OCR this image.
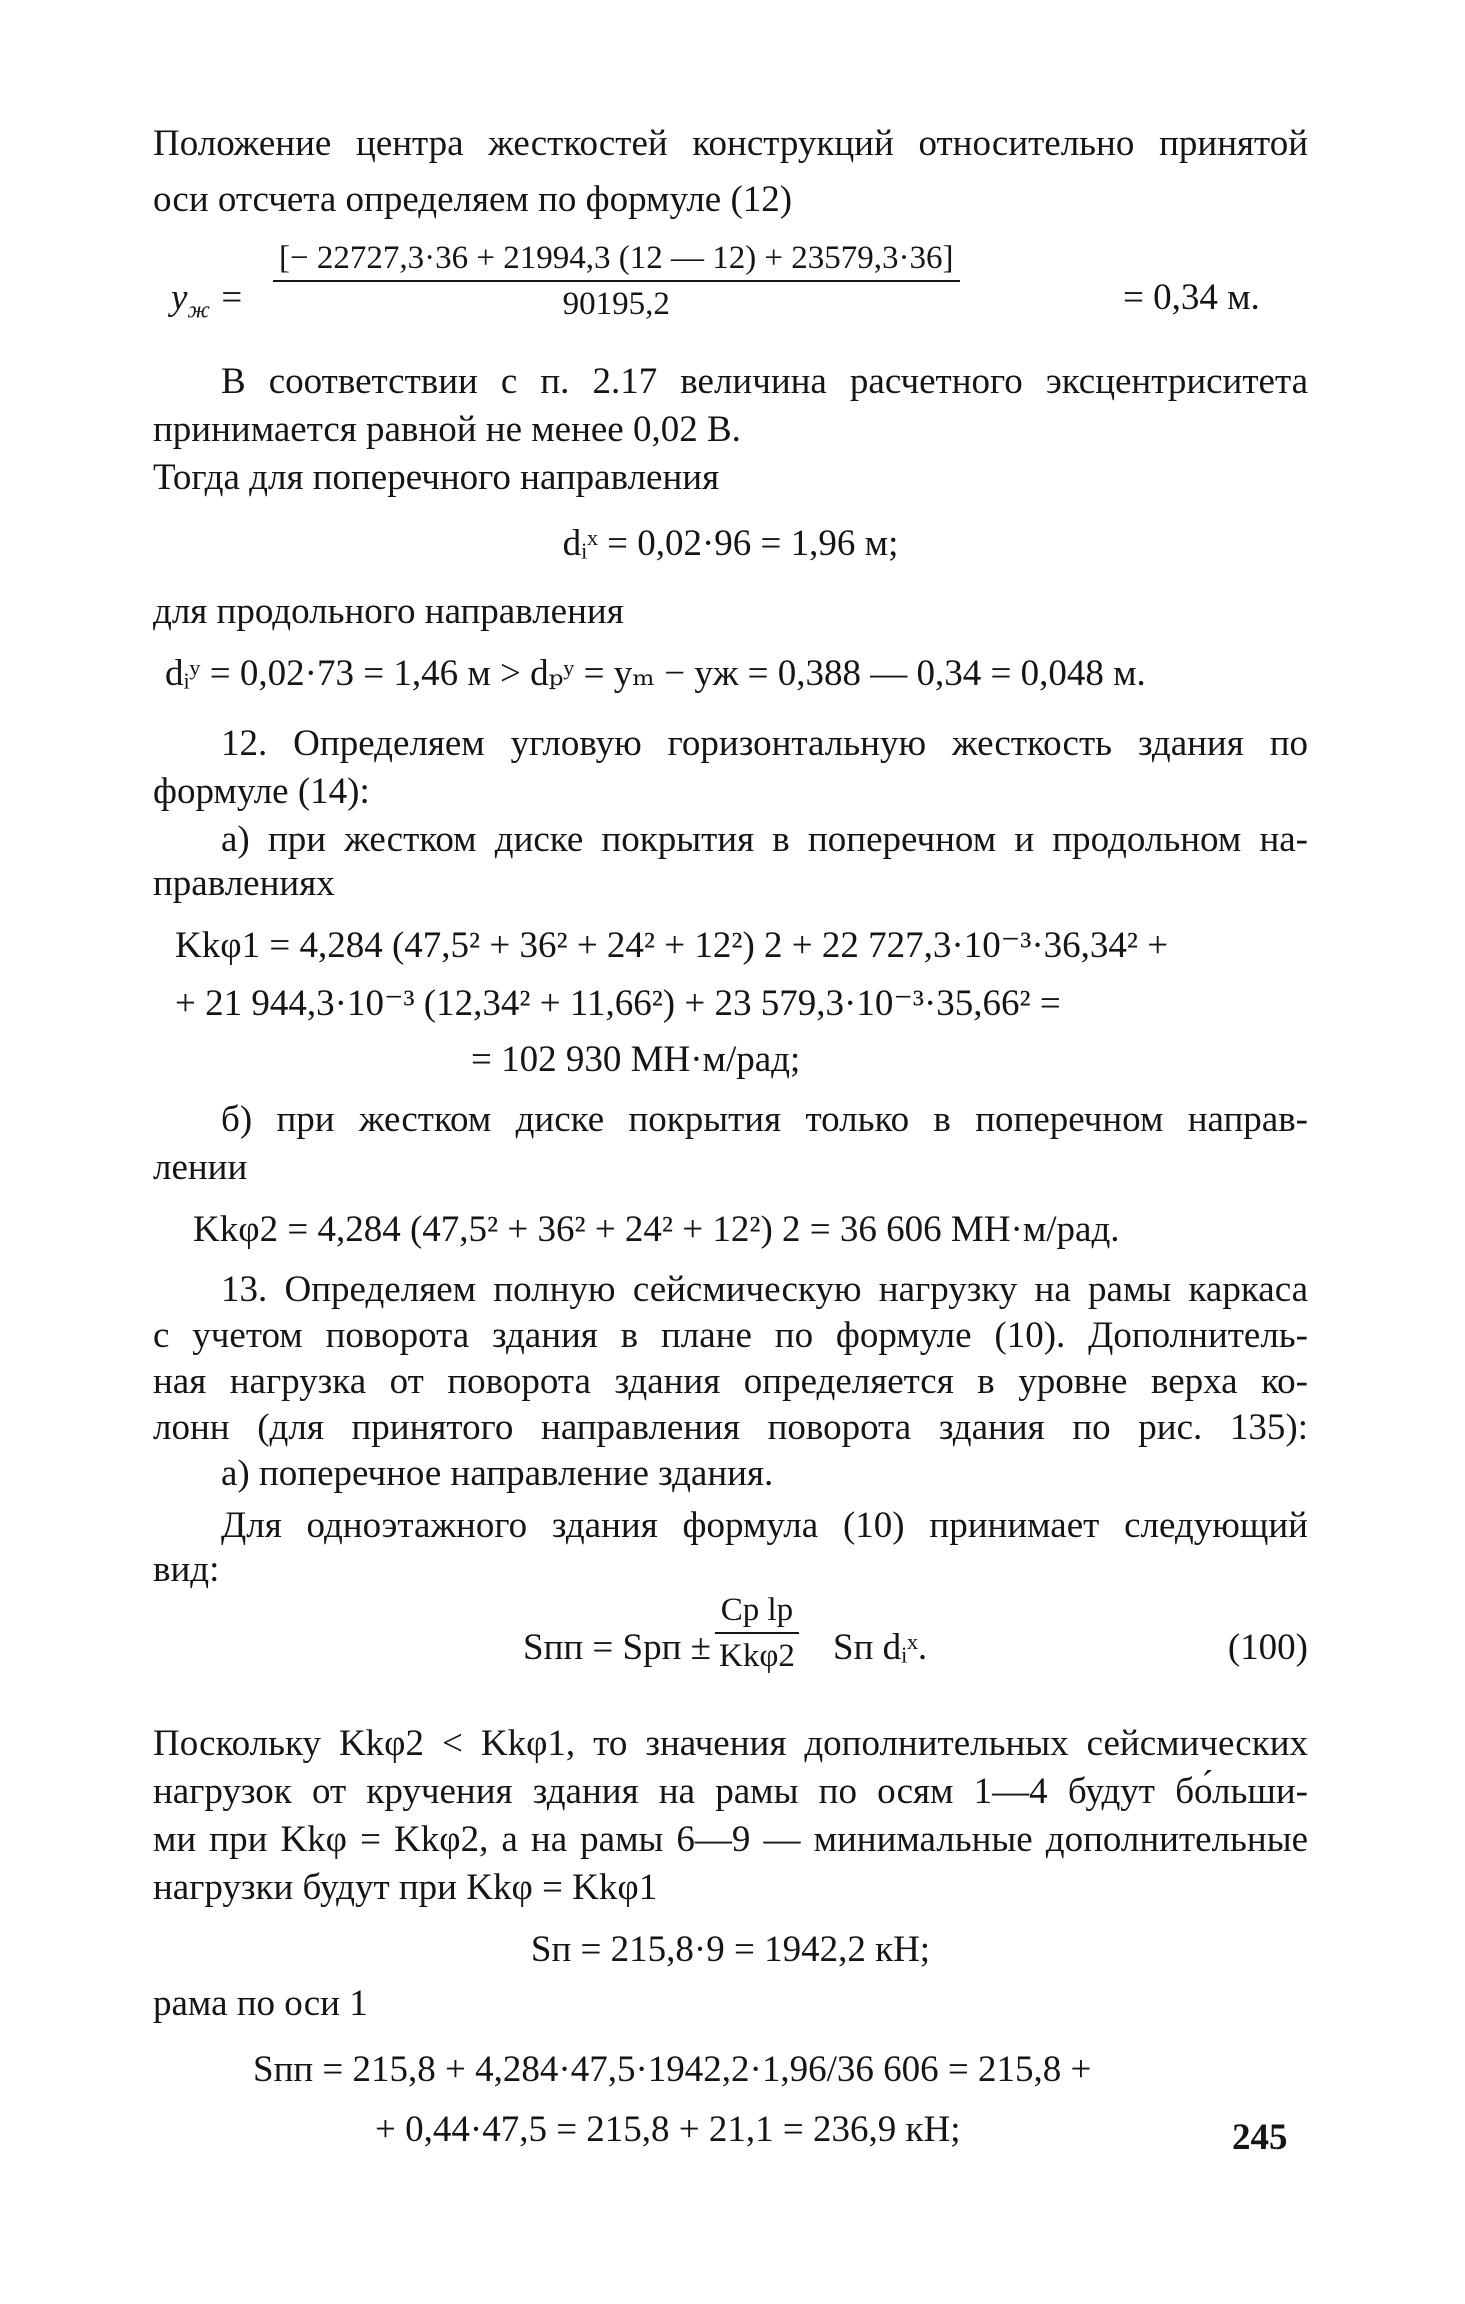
Положение центра жесткостей конструкций относительно принятой
оси отсчета определяем по формуле (12)
$y_ж = \frac{[- 22727,3\cdot 36 + 21994,3 (12 — 12) + 23579,3\cdot 36]}{90195,2}$	= 0,34 м.
В соответствии с п. 2.17 величина расчетного эксцентриситета
принимается равной не менее 0,02 B.
Тогда для поперечного направления
dᵢˣ = 0,02·96 = 1,96 м;
для продольного направления
dᵢʸ = 0,02·73 = 1,46 м > dₚʸ = yₘ − yж = 0,388 — 0,34 = 0,048 м.
12. Определяем угловую горизонтальную жесткость здания по
формуле (14):
а) при жестком диске покрытия в поперечном и продольном на-
правлениях
Kkφ1 = 4,284 (47,5² + 36² + 24² + 12²) 2 + 22 727,3·10⁻³·36,34² +
+ 21 944,3·10⁻³ (12,34² + 11,66²) + 23 579,3·10⁻³·35,66² =
= 102 930 МН·м/рад;
б) при жестком диске покрытия только в поперечном направ-
лении
Kkφ2 = 4,284 (47,5² + 36² + 24² + 12²) 2 = 36 606 МН·м/рад.
13. Определяем полную сейсмическую нагрузку на рамы каркаса
с учетом поворота здания в плане по формуле (10). Дополнитель-
ная нагрузка от поворота здания определяется в уровне верха ко-
лонн (для принятого направления поворота здания по рис. 135):
а) поперечное направление здания.
Для одноэтажного здания формула (10) принимает следующий
вид:
Sпп = Sрп ±
Cр lр
Kkφ2 Sп dᵢˣ.	(100)
Поскольку Kkφ2 < Kkφ1, то значения дополнительных сейсмических
нагрузок от кручения здания на рамы по осям 1—4 будут бо́льши-
ми при Kkφ = Kkφ2, а на рамы 6—9 — минимальные дополнительные
нагрузки будут при Kkφ = Kkφ1
Sп = 215,8·9 = 1942,2 кН;
рама по оси 1
Sпп = 215,8 + 4,284·47,5·1942,2·1,96/36 606 = 215,8 +
+ 0,44·47,5 = 215,8 + 21,1 = 236,9 кН;	245
